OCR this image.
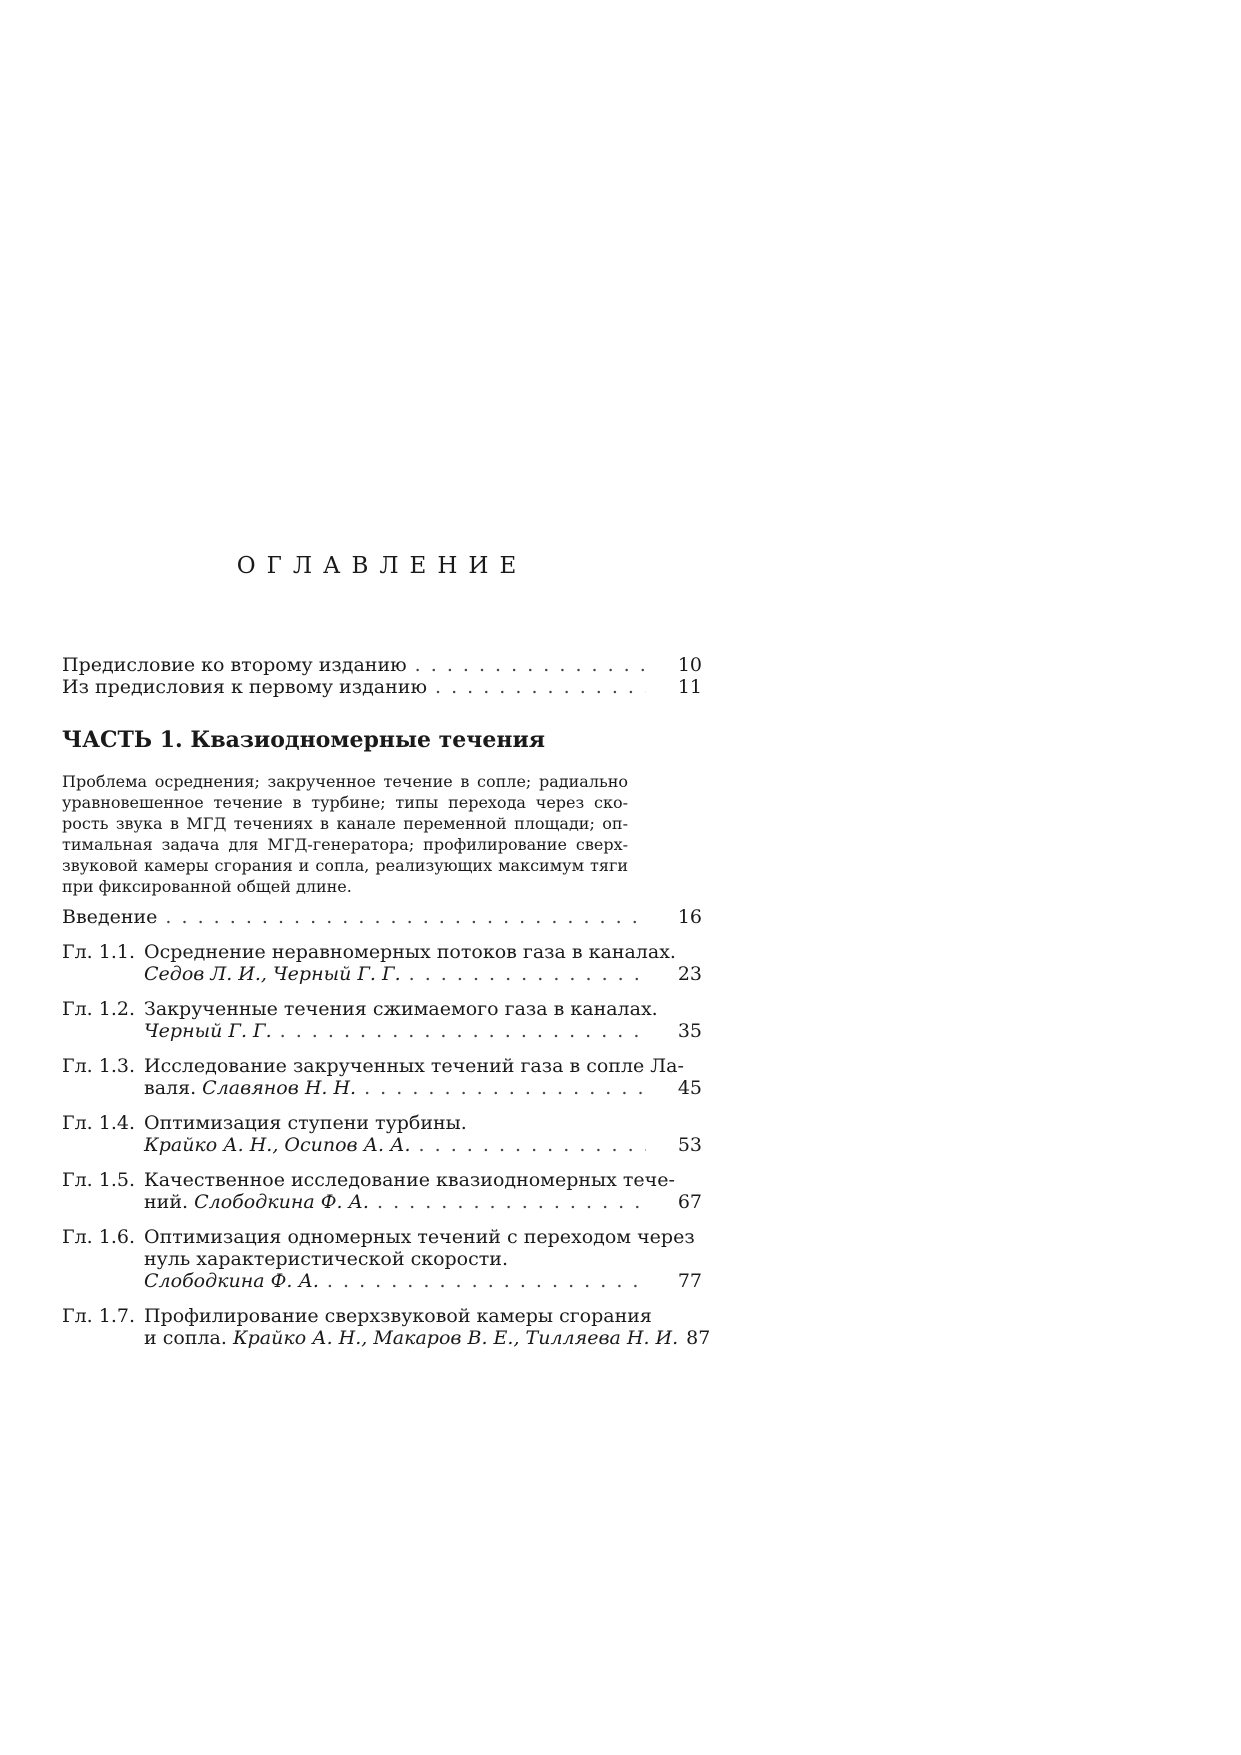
ОГЛАВЛЕНИЕ
Предисловие ко второму изданию . . .	10
Из предисловия к первому изданию . . .	11
ЧАСТЬ 1. Квазиодномерные течения
Проблема осреднения; закрученное течение в сопле; радиально
уравновешенное течение в турбине; типы перехода через ско-
рость звука в МГД течениях в канале переменной площади; оп-
тимальная задача для МГД-генератора; профилирование сверх-
звуковой камеры сгорания и сопла, реализующих максимум тяги
при фиксированной общей длине.
Введение . . .	16
Гл. 1.1. Осреднение неравномерных потоков газа в каналах.
Седов Л. И., Черный Г. Г. . . .	23
Гл. 1.2. Закрученные течения сжимаемого газа в каналах.
Черный Г. Г. . . .	35
Гл. 1.3. Исследование закрученных течений газа в сопле Ла-
валя.
Славянов Н. Н. . . .	45
Гл. 1.4. Оптимизация ступени турбины.
Крайко А. Н., Осипов А. А. . . .	53
Гл. 1.5. Качественное исследование квазиодномерных тече-
ний.
Слободкина Ф. А. . . .	67
Гл. 1.6. Оптимизация одномерных течений с переходом через
нуль характеристической скорости.
Слободкина Ф. А. . . .	77
Гл. 1.7. Профилирование сверхзвуковой камеры сгорания
и сопла.
Крайко А. Н., Макаров В. Е., Тилляева Н. И. 87
